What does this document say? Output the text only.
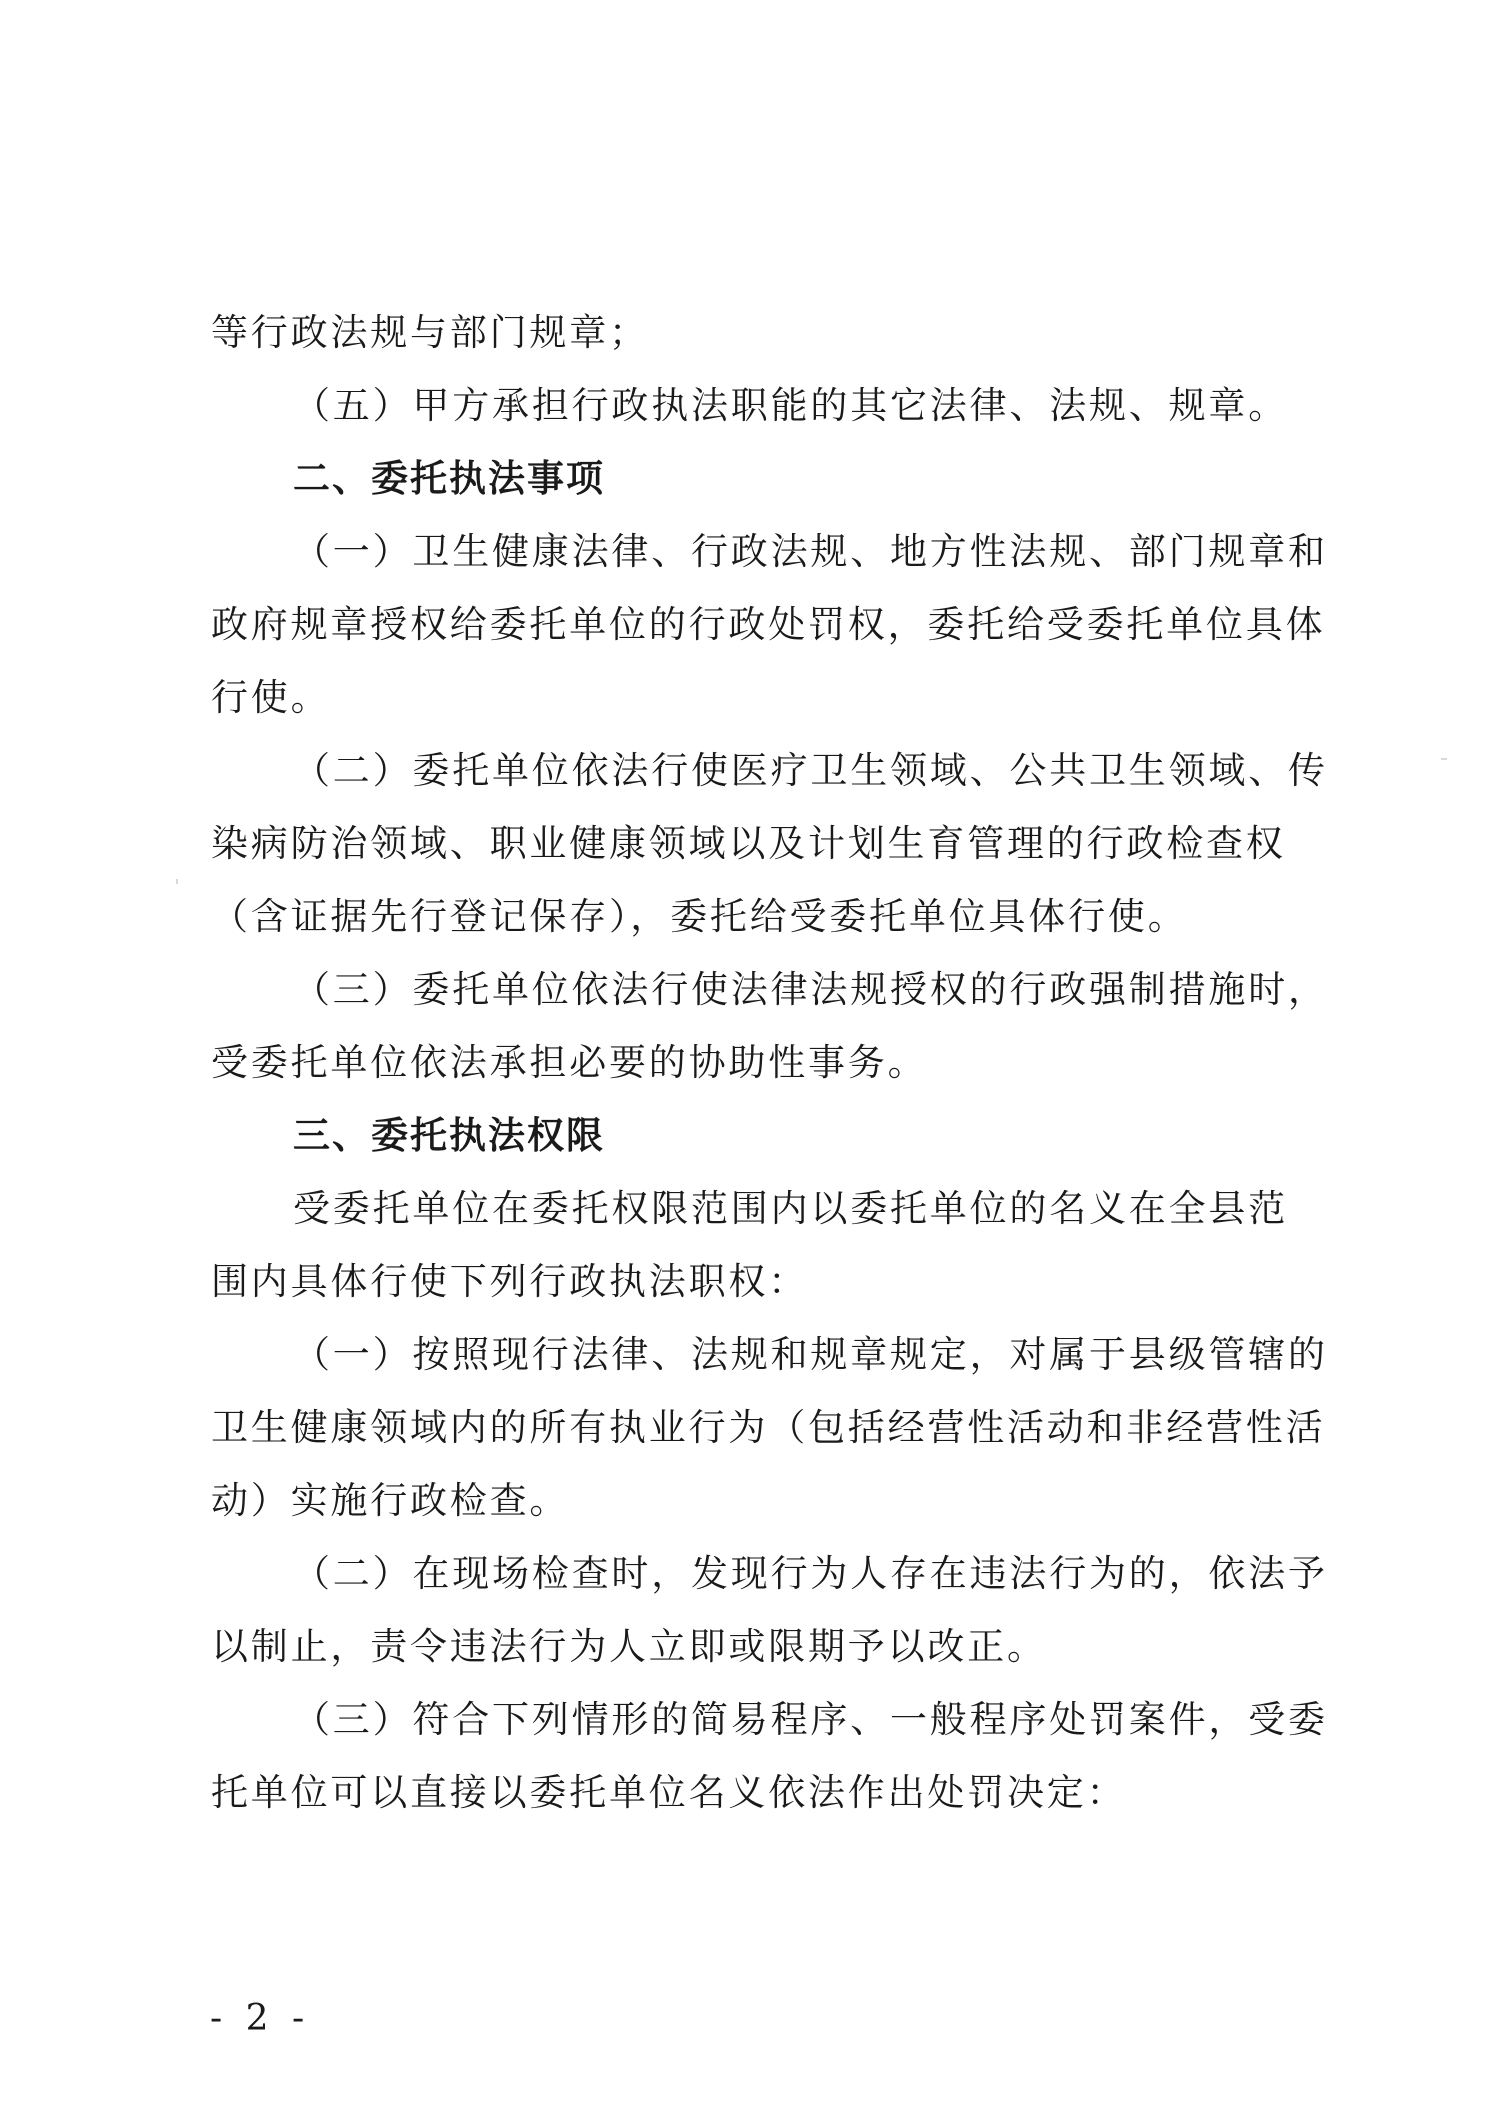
等行政法规与部门规章；
（五）甲方承担行政执法职能的其它法律、法规、规章。
二、委托执法事项
（一）卫生健康法律、行政法规、地方性法规、部门规章和
政府规章授权给委托单位的行政处罚权，委托给受委托单位具体
行使。
（二）委托单位依法行使医疗卫生领域、公共卫生领域、传
染病防治领域、职业健康领域以及计划生育管理的行政检查权
（含证据先行登记保存），委托给受委托单位具体行使。
（三）委托单位依法行使法律法规授权的行政强制措施时，
受委托单位依法承担必要的协助性事务。
三、委托执法权限
受委托单位在委托权限范围内以委托单位的名义在全县范
围内具体行使下列行政执法职权：
（一）按照现行法律、法规和规章规定，对属于县级管辖的
卫生健康领域内的所有执业行为（包括经营性活动和非经营性活
动）实施行政检查。
（二）在现场检查时，发现行为人存在违法行为的，依法予
以制止，责令违法行为人立即或限期予以改正。
（三）符合下列情形的简易程序、一般程序处罚案件，受委
托单位可以直接以委托单位名义依法作出处罚决定：
- 2 -
